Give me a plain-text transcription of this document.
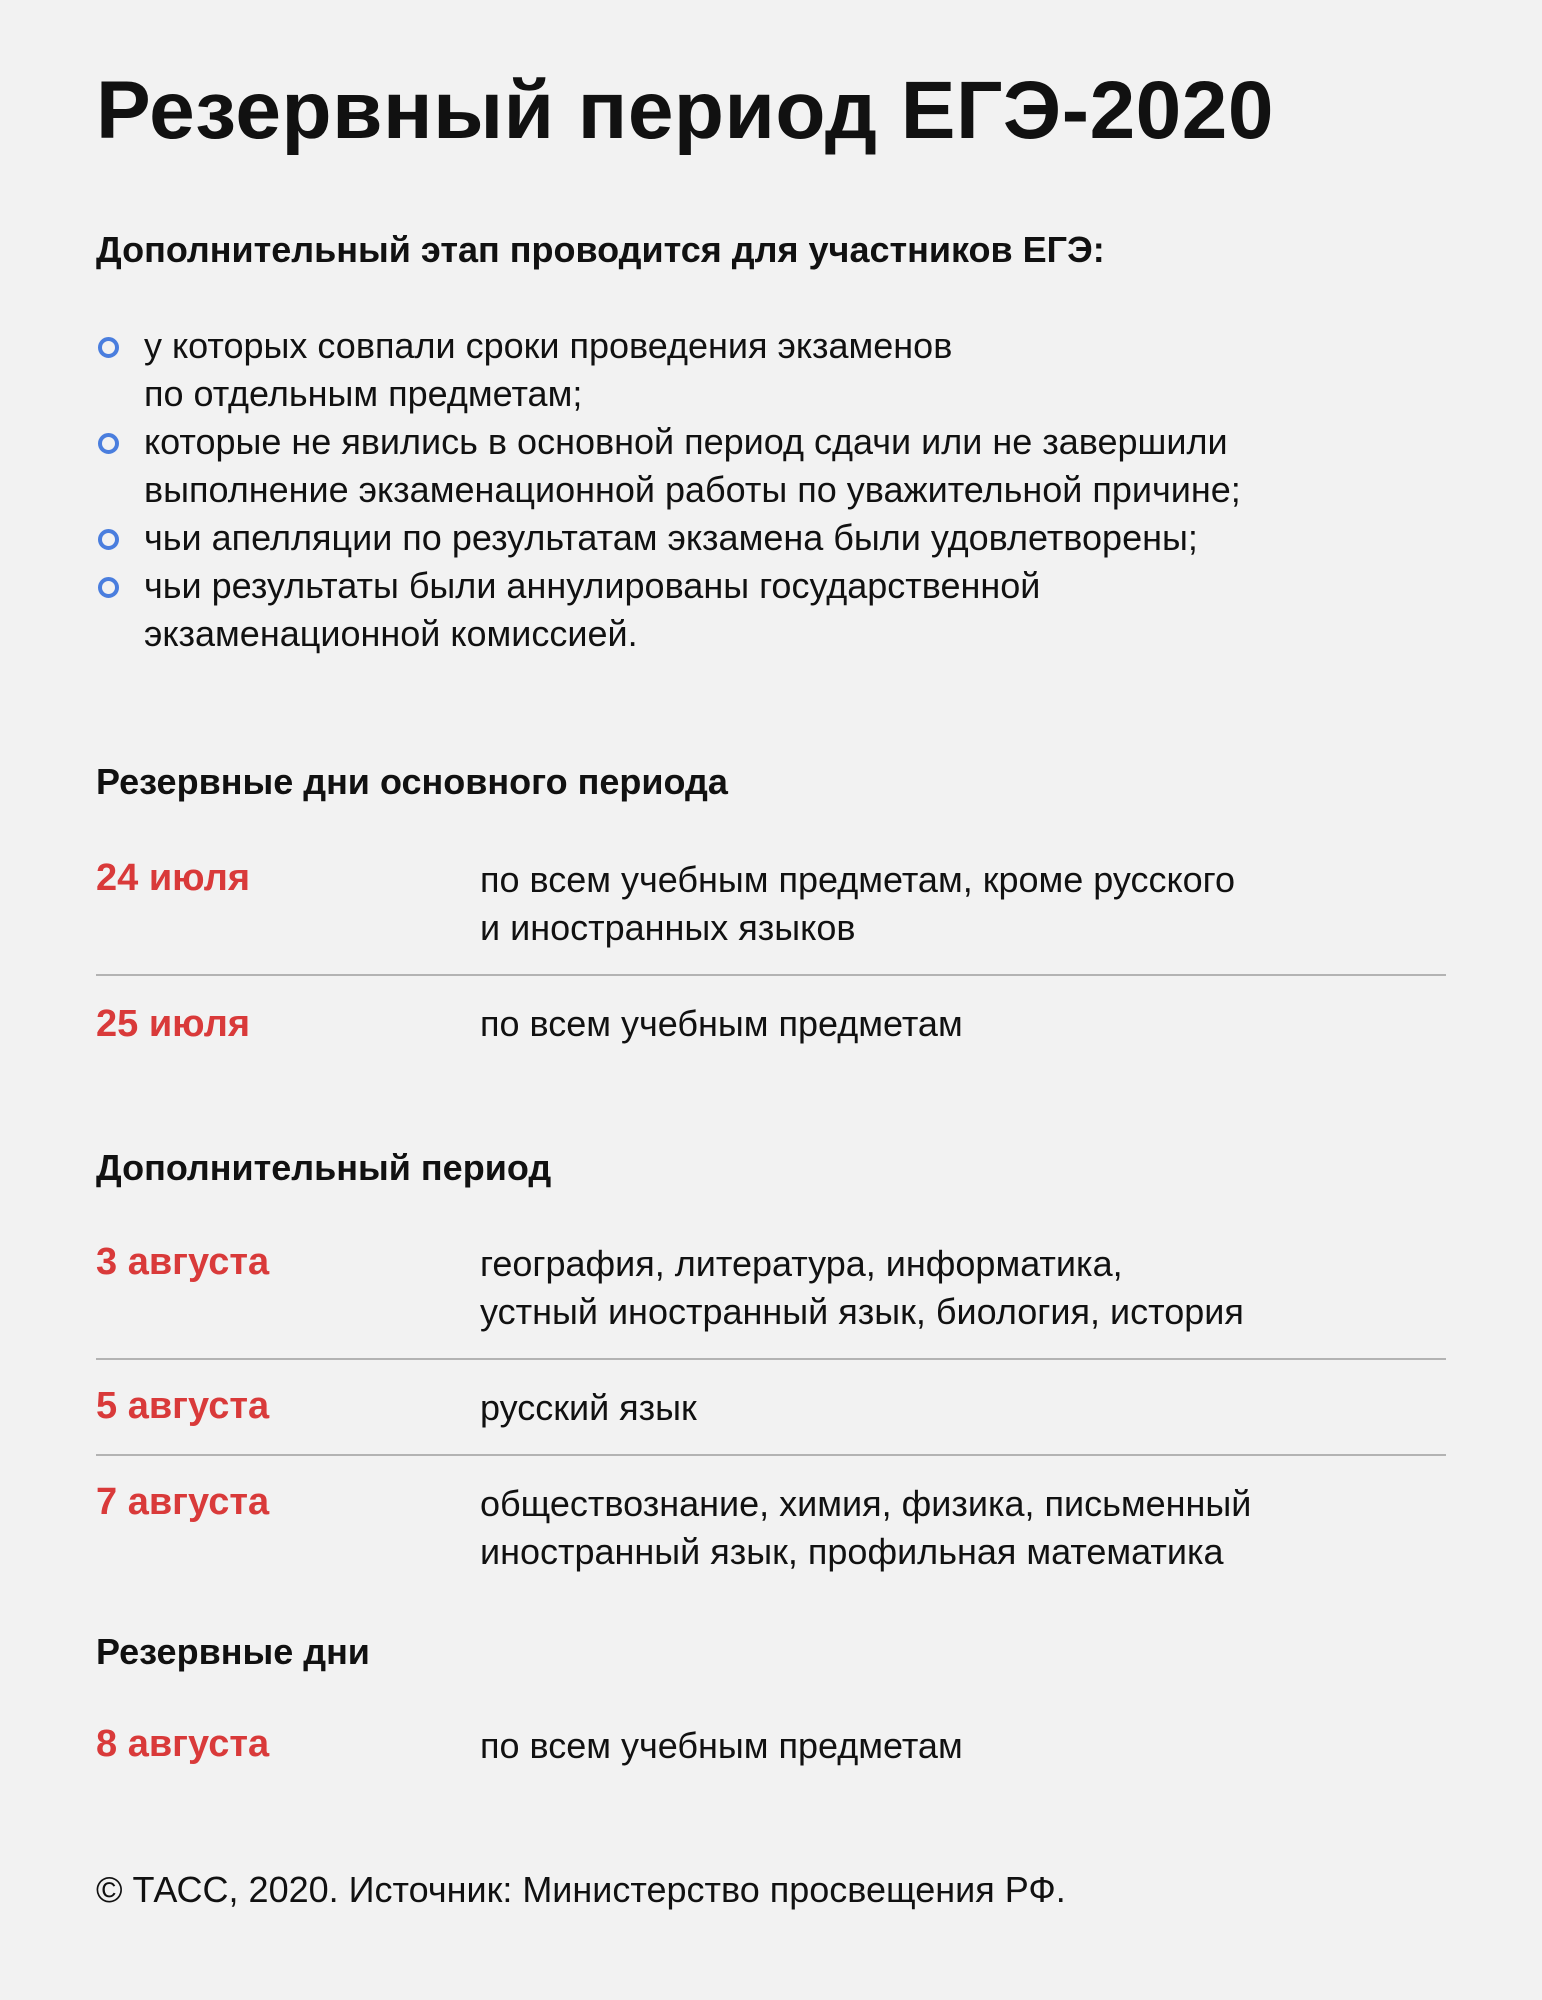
Резервный период ЕГЭ-2020
Дополнительный этап проводится для участников ЕГЭ:
у которых совпали сроки проведения экзаменов
по отдельным предметам;
которые не явились в основной период сдачи или не завершили
выполнение экзаменационной работы по уважительной причине;
чьи апелляции по результатам экзамена были удовлетворены;
чьи результаты были аннулированы государственной
экзаменационной комиссией.
Резервные дни основного периода
24 июля	по всем учебным предметам, кроме русского
и иностранных языков
25 июля	по всем учебным предметам
Дополнительный период
3 августа	география, литература, информатика,
устный иностранный язык, биология, история
5 августа	русский язык
7 августа	обществознание, химия, физика, письменный
иностранный язык, профильная математика
Резервные дни
8 августа	по всем учебным предметам
© ТАСС, 2020. Источник: Министерство просвещения РФ.
